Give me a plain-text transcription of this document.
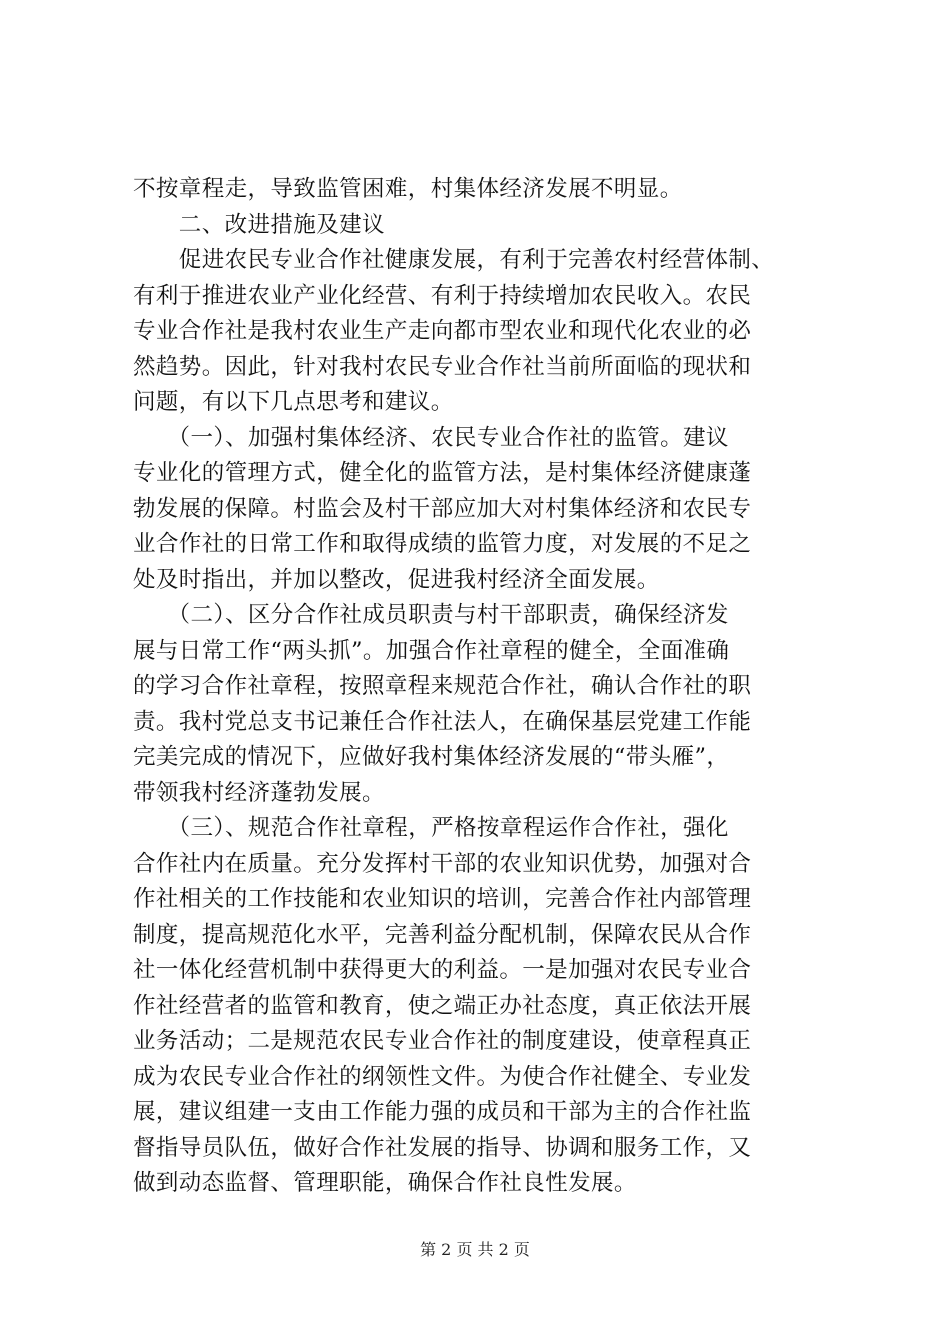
不按章程走，导致监管困难，村集体经济发展不明显。
　　二、改进措施及建议
　　促进农民专业合作社健康发展，有利于完善农村经营体制、
有利于推进农业产业化经营、有利于持续增加农民收入。农民
专业合作社是我村农业生产走向都市型农业和现代化农业的必
然趋势。因此，针对我村农民专业合作社当前所面临的现状和
问题，有以下几点思考和建议。
　　（一）、加强村集体经济、农民专业合作社的监管。建议
专业化的管理方式，健全化的监管方法，是村集体经济健康蓬
勃发展的保障。村监会及村干部应加大对村集体经济和农民专
业合作社的日常工作和取得成绩的监管力度，对发展的不足之
处及时指出，并加以整改，促进我村经济全面发展。
　　（二）、区分合作社成员职责与村干部职责，确保经济发
展与日常工作“两头抓”。加强合作社章程的健全，全面准确
的学习合作社章程，按照章程来规范合作社，确认合作社的职
责。我村党总支书记兼任合作社法人，在确保基层党建工作能
完美完成的情况下，应做好我村集体经济发展的“带头雁”，
带领我村经济蓬勃发展。
　　（三）、规范合作社章程，严格按章程运作合作社，强化
合作社内在质量。充分发挥村干部的农业知识优势，加强对合
作社相关的工作技能和农业知识的培训，完善合作社内部管理
制度，提高规范化水平，完善利益分配机制，保障农民从合作
社一体化经营机制中获得更大的利益。一是加强对农民专业合
作社经营者的监管和教育，使之端正办社态度，真正依法开展
业务活动；二是规范农民专业合作社的制度建设，使章程真正
成为农民专业合作社的纲领性文件。为使合作社健全、专业发
展，建议组建一支由工作能力强的成员和干部为主的合作社监
督指导员队伍，做好合作社发展的指导、协调和服务工作，又
做到动态监督、管理职能，确保合作社良性发展。
第 2 页 共 2 页
